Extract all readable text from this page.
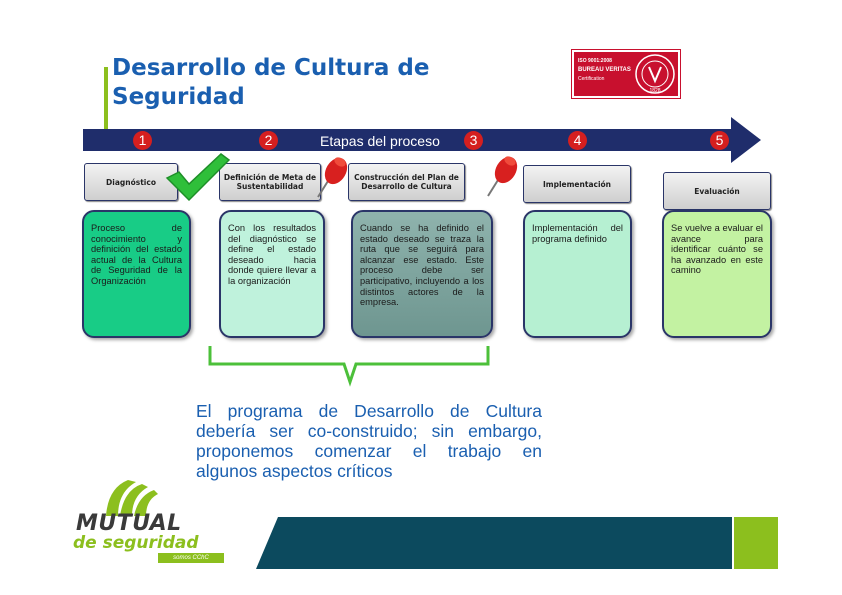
Desarrollo de Cultura de Seguridad
ISO 9001:2008
BUREAU VERITAS
Certification
1828
Etapas del proceso
1	2	3	4	5
Diagnóstico	Definición de Meta de Sustentabilidad
Construcción del Plan de Desarrollo de Cultura	Implementación
Evaluación
Proceso de conocimiento y definición del estado actual de la Cultura de Seguridad de la Organización
Con los resultados del diagnóstico se define el estado deseado hacia donde quiere llevar a la organización
Cuando se ha definido el estado deseado se traza la ruta que se seguirá para alcanzar ese estado. Este proceso debe ser participativo, incluyendo a los distintos actores de la empresa.
Implementación del programa definido
Se vuelve a evaluar el avance para identificar cuánto se ha avanzado en este camino
El programa de Desarrollo de Cultura debería ser co-construido; sin embargo, proponemos comenzar el trabajo en algunos aspectos críticos
MUTUAL
de seguridad
somos CChC
